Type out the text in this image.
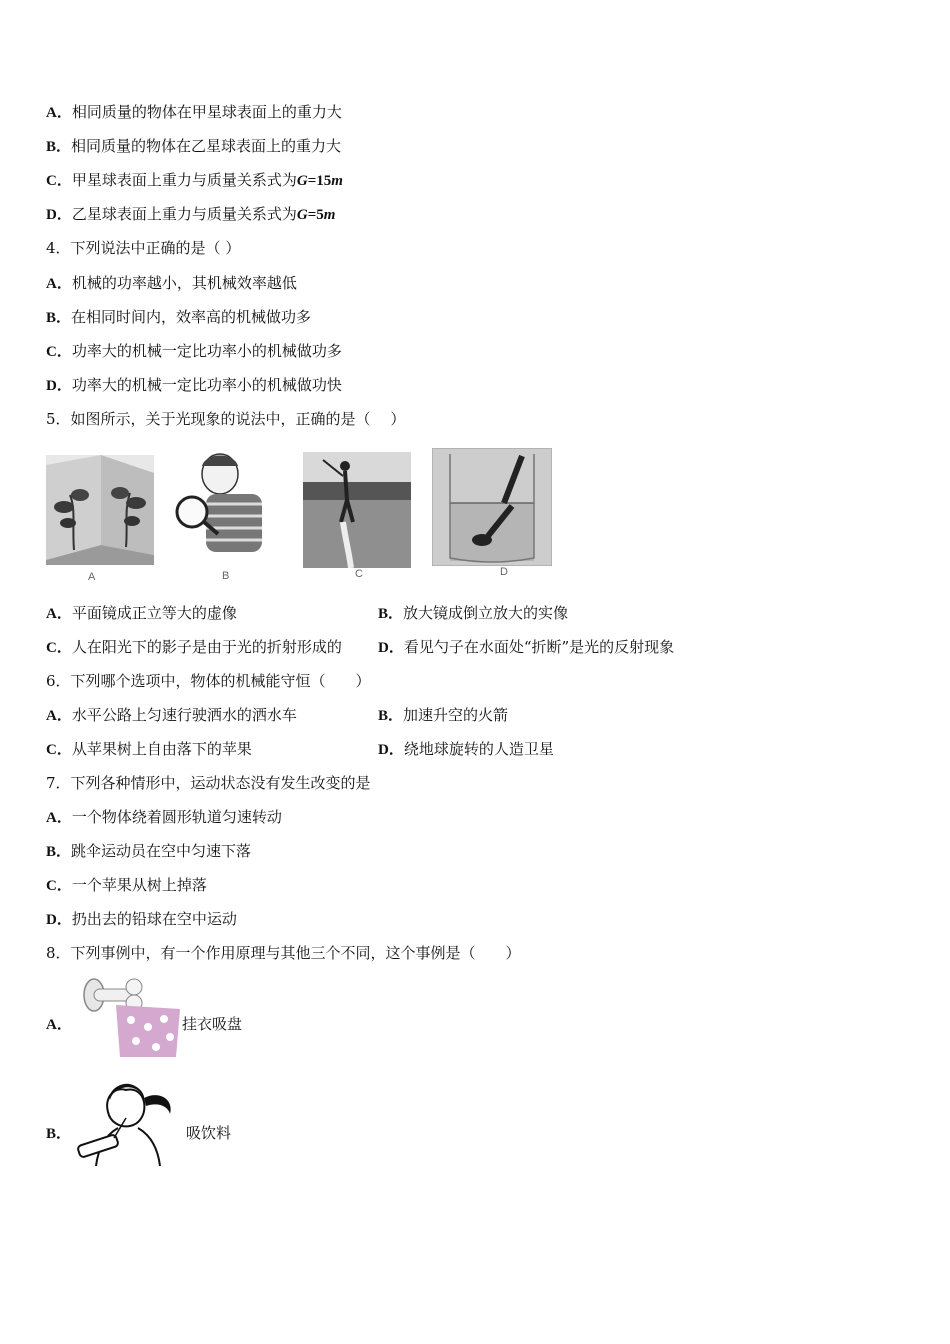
A．相同质量的物体在甲星球表面上的重力大
B．相同质量的物体在乙星球表面上的重力大
C．甲星球表面上重力与质量关系式为G=15m
D．乙星球表面上重力与质量关系式为G=5m
4．下列说法中正确的是（ ）
A．机械的功率越小，其机械效率越低
B．在相同时间内，效率高的机械做功多
C．功率大的机械一定比功率小的机械做功多
D．功率大的机械一定比功率小的机械做功快
5．如图所示，关于光现象的说法中，正确的是（　 ）
A	B	C	D
A．平面镜成正立等大的虚像	B．放大镜成倒立放大的实像
C．人在阳光下的影子是由于光的折射形成的 D．看见勺子在水面处“折断”是光的反射现象
6．下列哪个选项中，物体的机械能守恒（　　）
A．水平公路上匀速行驶洒水的洒水车	B．加速升空的火箭
C．从苹果树上自由落下的苹果	D．绕地球旋转的人造卫星
7．下列各种情形中，运动状态没有发生改变的是
A．一个物体绕着圆形轨道匀速转动
B．跳伞运动员在空中匀速下落
C．一个苹果从树上掉落
D．扔出去的铅球在空中运动
8．下列事例中，有一个作用原理与其他三个不同，这个事例是（　　）
A．	挂衣吸盘
B．	吸饮料
